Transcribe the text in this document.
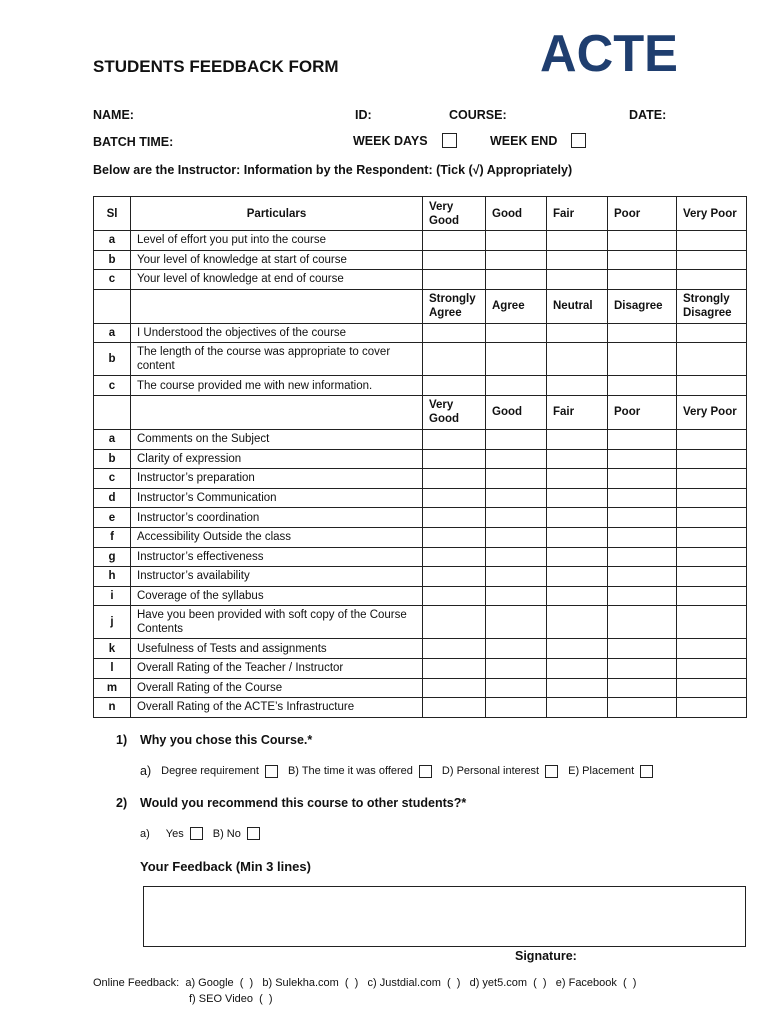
ACTE
STUDENTS FEEDBACK FORM
NAME:	ID:	COURSE:	DATE:
BATCH TIME:	WEEK DAYS	WEEK END
Below are the Instructor: Information by the Respondent: (Tick (√) Appropriately)
Sl	Particulars	Very Good	Good	Fair	Poor	Very Poor
a	Level of effort you put into the course					
b	Your level of knowledge at start of course					
c	Your level of knowledge at end of course					
		Strongly Agree	Agree	Neutral	Disagree	Strongly Disagree
a	I Understood the objectives of the course					
b	The length of the course was appropriate to cover content					
c	The course provided me with new information.					
		Very Good	Good	Fair	Poor	Very Poor
a	Comments on the Subject					
b	Clarity of expression					
c	Instructor’s preparation					
d	Instructor’s Communication					
e	Instructor’s coordination					
f	Accessibility Outside the class					
g	Instructor’s effectiveness					
h	Instructor’s availability					
i	Coverage of the syllabus					
j	Have you been provided with soft copy of the Course Contents					
k	Usefulness of Tests and assignments					
l	Overall Rating of the Teacher / Instructor					
m	Overall Rating of the Course					
n	Overall Rating of the ACTE’s Infrastructure					
1) Why you chose this Course.*
a) Degree requirement	B) The time it was offered	D) Personal interest	E) Placement
2) Would you recommend this course to other students?*
a) Yes	B) No
Your Feedback (Min 3 lines)
Signature:
Online Feedback:  a) Google  (  )   b) Sulekha.com  (  )   c) Justdial.com  (  )   d) yet5.com  (  )   e) Facebook  (  )
f) SEO Video  (  )
